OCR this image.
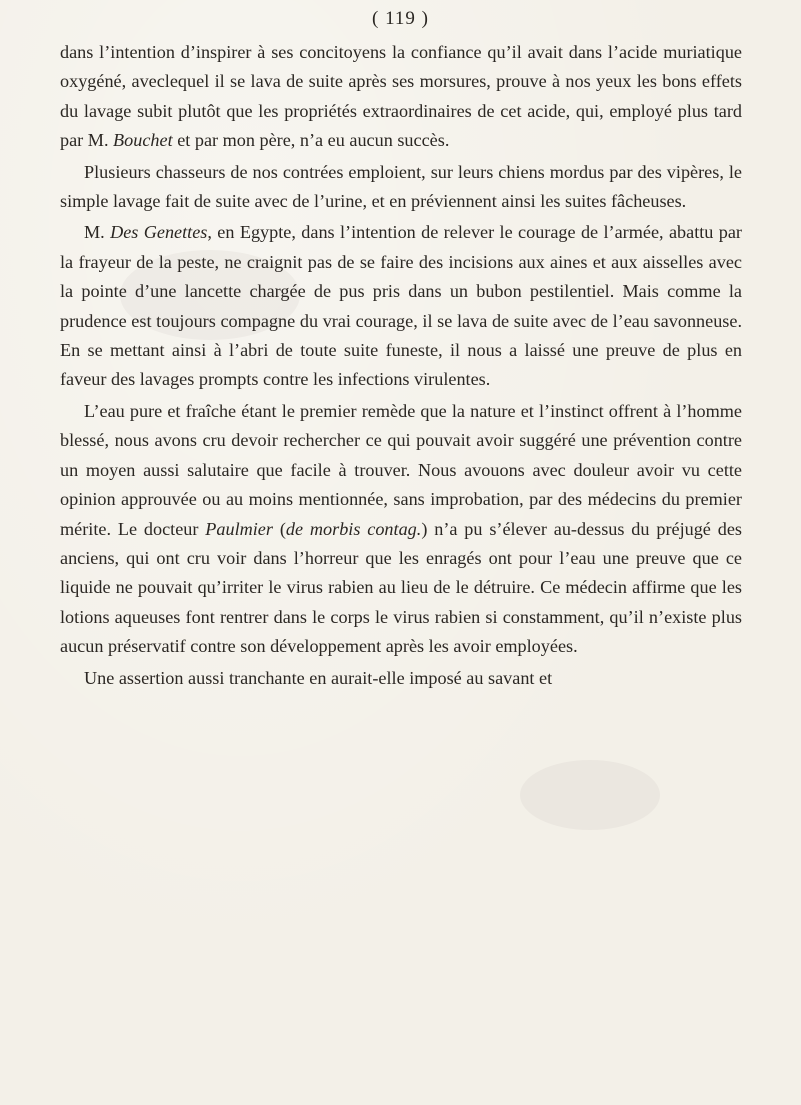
( 119 )

dans l’intention d’inspirer à ses concitoyens la confiance qu’il avait dans l’acide muriatique oxygéné, aveclequel il se lava de suite après ses morsures, prouve à nos yeux les bons effets du lavage subit plutôt que les propriétés extraordinaires de cet acide, qui, employé plus tard par M. Bouchet et par mon père, n’a eu aucun succès.

Plusieurs chasseurs de nos contrées emploient, sur leurs chiens mordus par des vipères, le simple lavage fait de suite avec de l’urine, et en préviennent ainsi les suites fâcheuses.

M. Des Genettes, en Egypte, dans l’intention de relever le courage de l’armée, abattu par la frayeur de la peste, ne craignit pas de se faire des incisions aux aines et aux aisselles avec la pointe d’une lancette chargée de pus pris dans un bubon pestilentiel. Mais comme la prudence est toujours compagne du vrai courage, il se lava de suite avec de l’eau savonneuse. En se mettant ainsi à l’abri de toute suite funeste, il nous a laissé une preuve de plus en faveur des lavages prompts contre les infections virulentes.

L’eau pure et fraîche étant le premier remède que la nature et l’instinct offrent à l’homme blessé, nous avons cru devoir rechercher ce qui pouvait avoir suggéré une prévention contre un moyen aussi salutaire que facile à trouver. Nous avouons avec douleur avoir vu cette opinion approuvée ou au moins mentionnée, sans improbation, par des médecins du premier mérite. Le docteur Paulmier (de morbis contag.) n’a pu s’élever au-dessus du préjugé des anciens, qui ont cru voir dans l’horreur que les enragés ont pour l’eau une preuve que ce liquide ne pouvait qu’irriter le virus rabien au lieu de le détruire. Ce médecin affirme que les lotions aqueuses font rentrer dans le corps le virus rabien si constamment, qu’il n’existe plus aucun préservatif contre son développement après les avoir employées.

Une assertion aussi tranchante en aurait-elle imposé au savant et
